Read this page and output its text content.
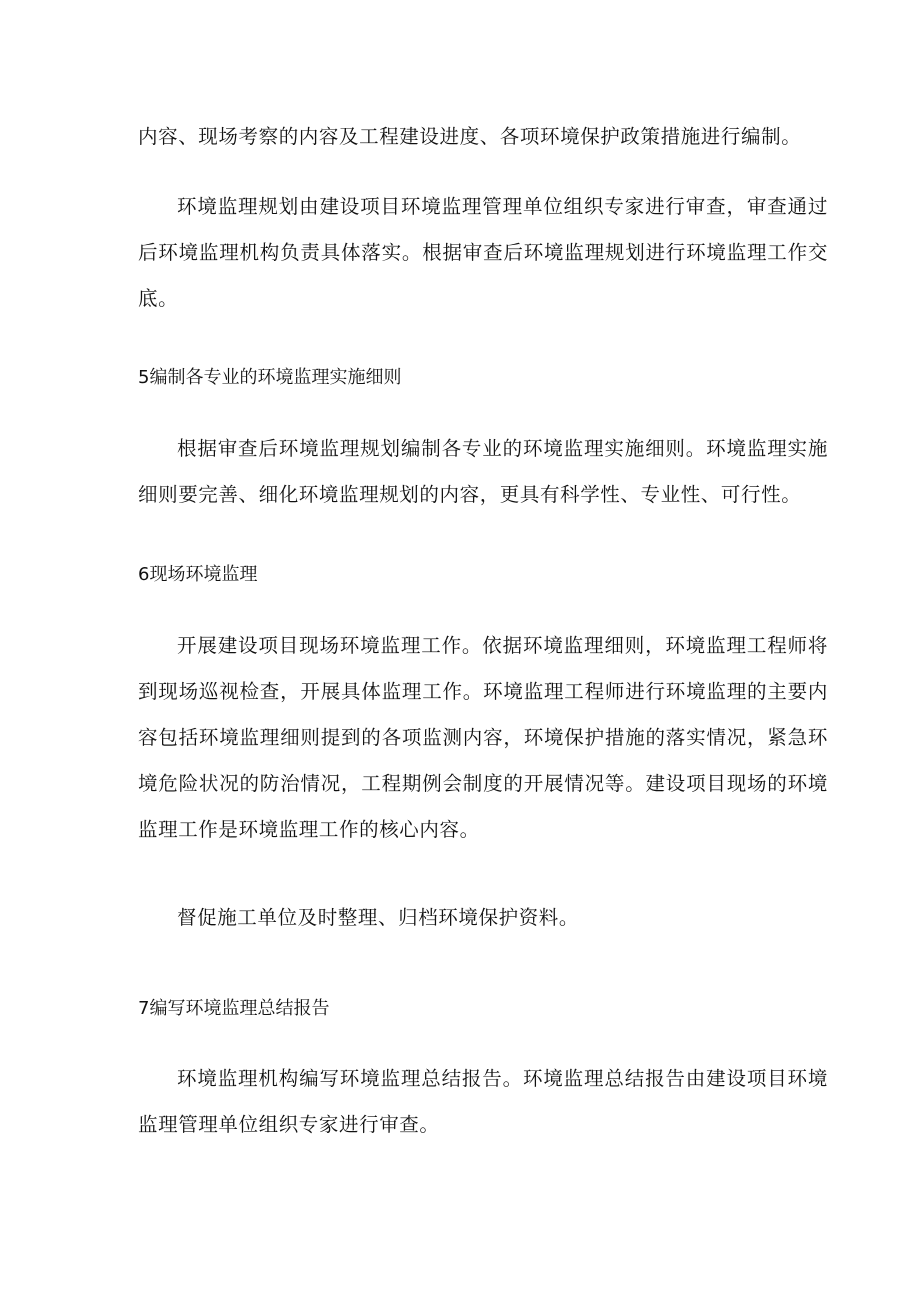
内容、现场考察的内容及工程建设进度、各项环境保护政策措施进行编制。

环境监理规划由建设项目环境监理管理单位组织专家进行审查，审查通过后环境监理机构负责具体落实。根据审查后环境监理规划进行环境监理工作交底。

5编制各专业的环境监理实施细则

根据审查后环境监理规划编制各专业的环境监理实施细则。环境监理实施细则要完善、细化环境监理规划的内容，更具有科学性、专业性、可行性。

6现场环境监理

开展建设项目现场环境监理工作。依据环境监理细则，环境监理工程师将到现场巡视检查，开展具体监理工作。环境监理工程师进行环境监理的主要内容包括环境监理细则提到的各项监测内容，环境保护措施的落实情况，紧急环境危险状况的防治情况，工程期例会制度的开展情况等。建设项目现场的环境监理工作是环境监理工作的核心内容。

督促施工单位及时整理、归档环境保护资料。

7编写环境监理总结报告

环境监理机构编写环境监理总结报告。环境监理总结报告由建设项目环境监理管理单位组织专家进行审查。
